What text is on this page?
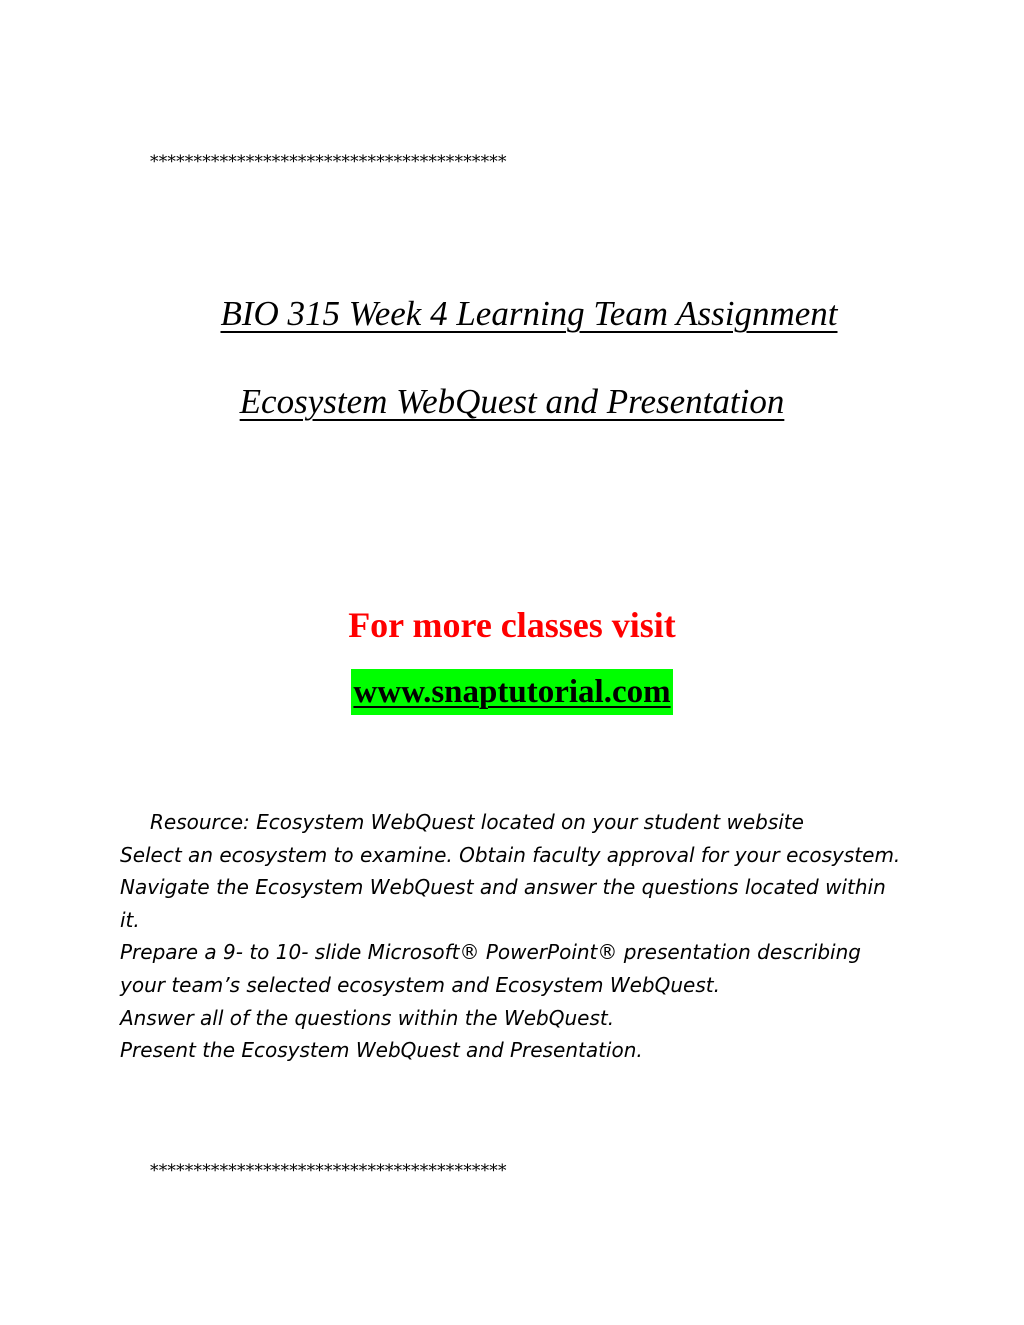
*****************************************
BIO 315 Week 4 Learning Team Assignment
Ecosystem WebQuest and Presentation
For more classes visit
www.snaptutorial.com

Resource: Ecosystem WebQuest located on your student website

Select an ecosystem to examine. Obtain faculty approval for your ecosystem.

Navigate the Ecosystem WebQuest and answer the questions located within it.

Prepare a 9- to 10- slide Microsoft® PowerPoint® presentation describing your team’s selected ecosystem and Ecosystem WebQuest.

Answer all of the questions within the WebQuest.

Present the Ecosystem WebQuest and Presentation.

*****************************************
